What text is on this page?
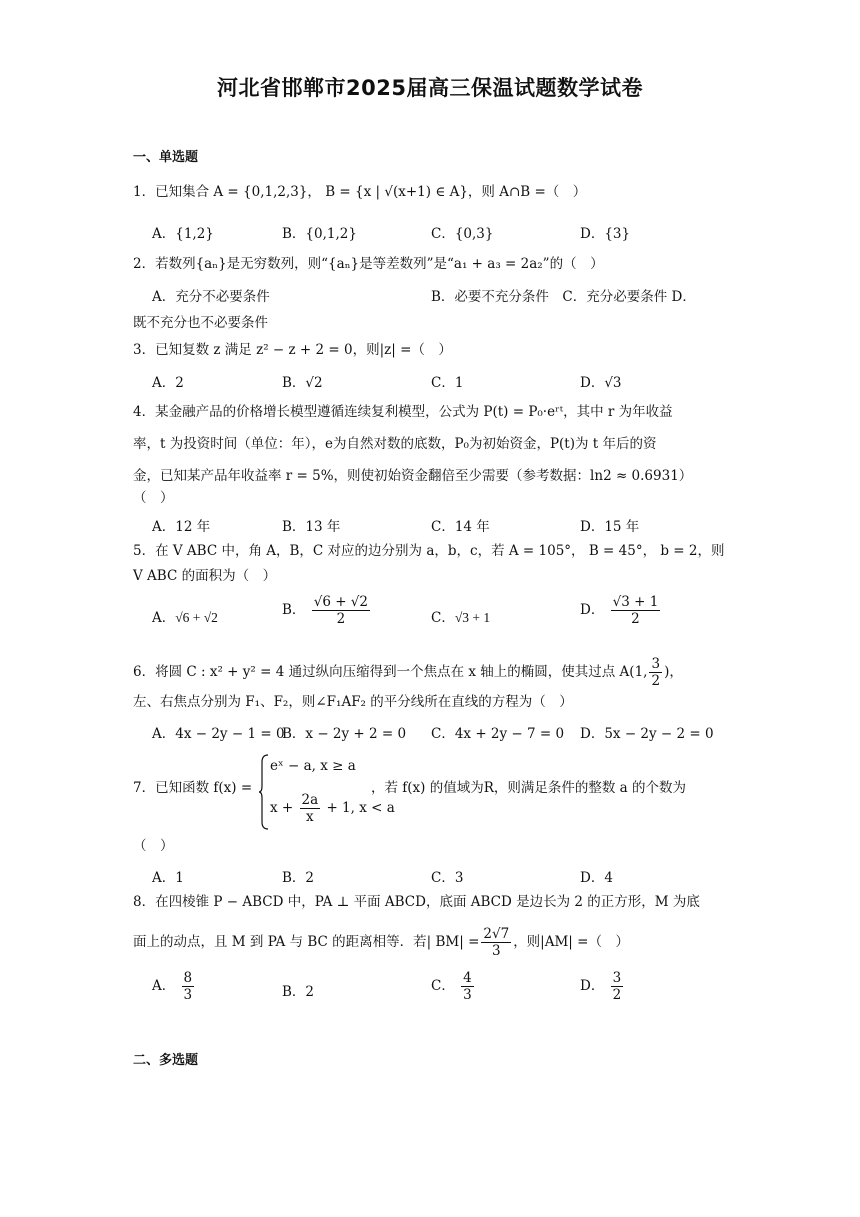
河北省邯郸市2025届高三保温试题数学试卷
一、单选题
1．已知集合 A = {0,1,2,3}， B = {x | √(x+1) ∈ A}，则 A∩B =（　）
A．{1,2}	B．{0,1,2}	C．{0,3}	D．{3}
2．若数列{aₙ}是无穷数列，则“{aₙ}是等差数列”是“a₁ + a₃ = 2a₂”的（　）
A．充分不必要条件	B．必要不充分条件　C．充分必要条件 D．
既不充分也不必要条件
3．已知复数 z 满足 z² − z + 2 = 0，则|z| =（　）
A．2	B．√2	C．1	D．√3
4．某金融产品的价格增长模型遵循连续复利模型，公式为 P(t) = P₀·eʳᵗ，其中 r 为年收益
率，t 为投资时间（单位：年），e为自然对数的底数，P₀为初始资金，P(t)为 t 年后的资
金，已知某产品年收益率 r = 5%，则使初始资金翻倍至少需要（参考数据：ln2 ≈ 0.6931）
（　）
A．12 年	B．13 年	C．14 年	D．15 年
5．在 V ABC 中，角 A，B，C 对应的边分别为 a，b，c，若 A = 105°， B = 45°， b = 2，则
V ABC 的面积为（　）
A．√6 + √2	B． $\frac{√6 + √2}{2}$	C．√3 + 1	D． $\frac{√3 + 1}{2}$
6．将圆 C : x² + y² = 4 通过纵向压缩得到一个焦点在 x 轴上的椭圆，使其过点 A(1, $\frac{3}{2}$ )，
左、右焦点分别为 F₁、F₂，则∠F₁AF₂ 的平分线所在直线的方程为（　）
A．4x − 2y − 1 = 0
B．x − 2y + 2 = 0 C．4x + 2y − 7 = 0 D．5x − 2y − 2 = 0
7．已知函数 f(x) =
eˣ − a, x ≥ a
$x + \frac{2a}{x} + 1$, x < a
，若 f(x) 的值域为R，则满足条件的整数 a 的个数为
（　）
A．1	B．2	C．3	D．4
8．在四棱锥 P − ABCD 中，PA ⊥ 平面 ABCD，底面 ABCD 是边长为 2 的正方形，M 为底
面上的动点，且 M 到 PA 与 BC 的距离相等．若| $BM| = \frac{2√7}{3}$ ，则|AM| =（　）
A． $\frac{8}{3}$	B．2	C． $\frac{4}{3}$	D． $\frac{3}{2}$
二、多选题
